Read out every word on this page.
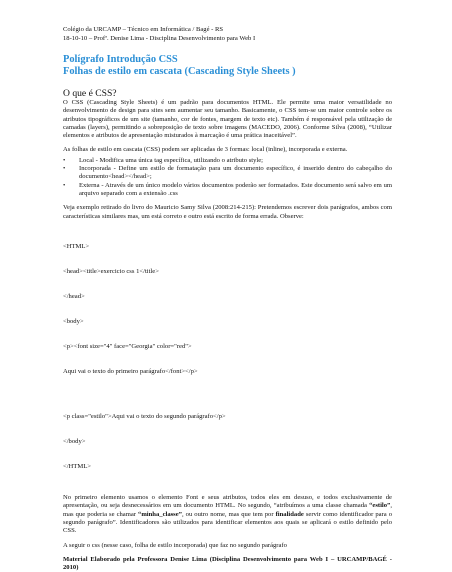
Colégio da URCAMP – Técnico em Informática / Bagé - RS
18-10-10 – Profª. Denise Lima - Disciplina Desenvolvimento para Web I
Polígrafo Introdução CSS
Folhas de estilo em cascata (Cascading Style Sheets )
O que é CSS?
O CSS (Cascading Style Sheets) é um padrão para documentos HTML. Ele permite uma maior versatilidade no desenvolvimento de design para sites sem aumentar seu tamanho. Basicamente, o CSS tem-se um maior controle sobre os atributos tipográficos de um site (tamanho, cor de fontes, margem de texto etc). Também é responsável pela utilização de camadas (layers), permitindo a sobreposição de texto sobre imagens (MACEDO, 2006). Conforme Silva (2008), “Utilizar elementos e atributos de apresentação misturados à marcação é uma prática inaceitável”.
As folhas de estilo em cascata (CSS) podem ser aplicadas de 3 formas: local (inline), incorporada e externa.
• Local - Modifica uma única tag específica, utilizando o atributo style;
• Incorporada - Define um estilo de formatação para um documento específico, é inserido dentro do cabeçalho do documento<head></head>;
• Externa - Através de um único modelo vários documentos poderão ser formatados. Este documento será salvo em um arquivo separado com a extensão .css
Veja exemplo retirado do livro do Mauricio Samy Silva (2008:214-215): Pretendemos escrever dois parágrafos, ambos com características similares mas, um está correto e outro está escrito de forma errada. Observe:

<HTML>

<head><title>exercicio css 1</title>

</head>

<body>

<p><font size="4" face="Georgia" color="red">

Aqui vai o texto do primeiro parágrafo</font></p>

<p class="estilo">Aqui vai o texto do segundo parágrafo</p>

</body>

</HTML>

No primeiro elemento usamos o elemento Font e seus atributos, todos eles em desuso, e todos exclusivamente de apresentação, ou seja desnecessários em um documento HTML. No segundo, “atribuímos a uma classe chamada “estilo”, mas que poderia se chamar “minha_classe”, ou outro nome, mas que tem por finalidade servir como identificador para o segundo parágrafo”. Identificadores são utilizados para identificar elementos aos quais se aplicará o estilo definido pelo CSS.
A seguir o css (nesse caso, folha de estilo incorporada) que faz no segundo parágrafo
Material Elaborado pela Professora Denise Lima (Disciplina Desenvolvimento para Web I – URCAMP/BAGÉ - 2010)
